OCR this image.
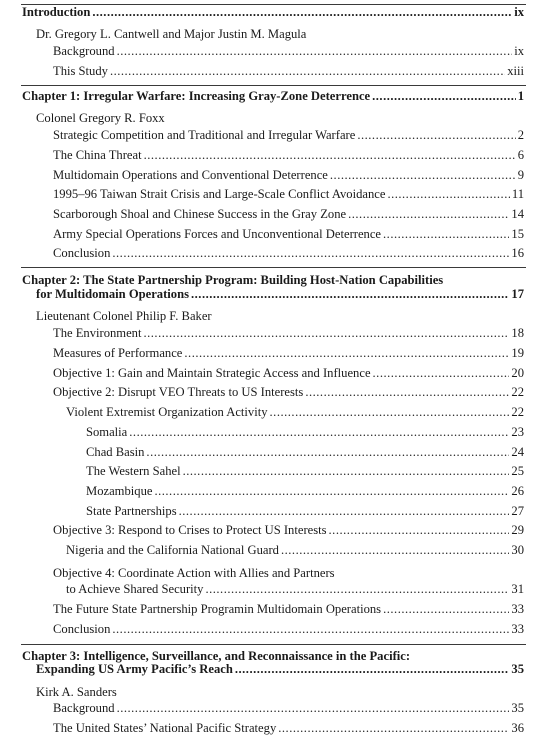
Introduction .....	ix
Dr. Gregory L. Cantwell and Major Justin M. Magula
Background .....	ix
This Study .....	xiii
Chapter 1: Irregular Warfare: Increasing Gray-Zone Deterrence .....	1
Colonel Gregory R. Foxx
Strategic Competition and Traditional and Irregular Warfare .....	2
The China Threat .....	6
Multidomain Operations and Conventional Deterrence .....	9
1995–96 Taiwan Strait Crisis and Large-Scale Conflict Avoidance .....	11
Scarborough Shoal and Chinese Success in the Gray Zone .....	14
Army Special Operations Forces and Unconventional Deterrence .....	15
Conclusion .....	16
Chapter 2: The State Partnership Program: Building Host-Nation Capabilities
for Multidomain Operations .....	17
Lieutenant Colonel Philip F. Baker
The Environment .....	18
Measures of Performance .....	19
Objective 1: Gain and Maintain Strategic Access and Influence .....	20
Objective 2: Disrupt VEO Threats to US Interests .....	22
Violent Extremist Organization Activity .....	22
Somalia .....	23
Chad Basin .....	24
The Western Sahel .....	25
Mozambique .....	26
State Partnerships .....	27
Objective 3: Respond to Crises to Protect US Interests .....	29
Nigeria and the California National Guard .....	30
Objective 4: Coordinate Action with Allies and Partners
to Achieve Shared Security .....	31
The Future State Partnership Programin Multidomain Operations .....	33
Conclusion .....	33
Chapter 3: Intelligence, Surveillance, and Reconnaissance in the Pacific:
Expanding US Army Pacific’s Reach .....	35
Kirk A. Sanders
Background .....	35
The United States’ National Pacific Strategy .....	36
